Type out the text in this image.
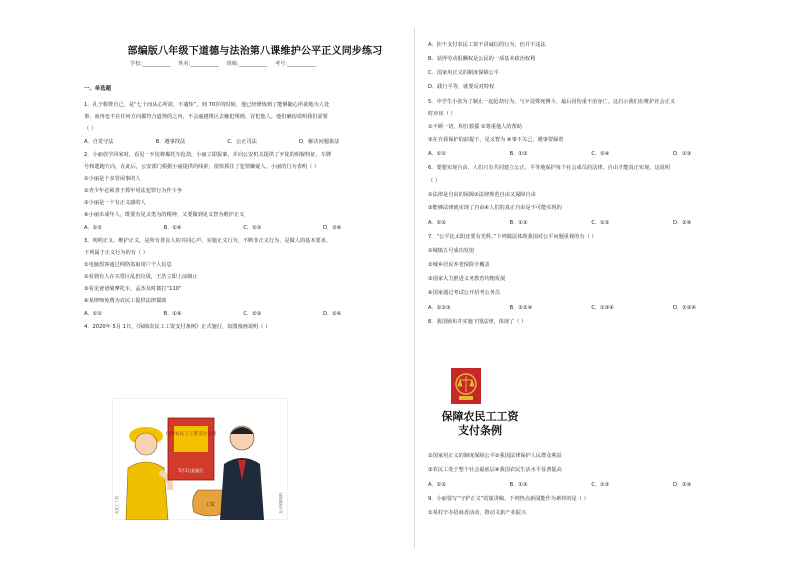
部编版八年级下道德与法治第八课维护公平正义同步练习
学校:___________ 姓名:___________ 班级:___________ 考号:___________
一、单选题
1．孔子称赞自己，是“七十而从心所欲，不逾矩”，到 70岁的时候，他已经修炼到了能够随心所欲地为人处
事，而再也不在任何方向都符合道规的之内，不会逾越规区去触犯规则，冒犯他人。他们确切说明我们需要
（ ）
A．自觉守法	B．遵事找法	C．公正司法	D．解决问题靠法
2．小丽放学回家时，看见一歹徒将爆托车抢劫，小丽立即报案，并向公安机关提供了歹徒的相貌特征、车牌
号和逃跑方向，在此后，公安部门根据小丽提供的线索，很快抓住了犯罪嫌疑人。小丽的行为表明（ ）
①小丽是个多管闲事的人
②青少年必须善于抓牢用法犯罪行为作斗争
③小丽是一个有正义感的人
④小丽未成年人，既要有见义勇为的精神，又要做到见义智为维护正义
A．①②	B．①④	C．②③	D．③④
3．明明正义、维护正义，是所有善良人的共同心声。实施正义行为，不断非正义行为，是做人的基本要求，
下列属于正义行为的有（ ）
①电脑黑客通过网络盗取用户个人信息
②看到有人在买票区乱扔垃圾，王浩立即上前制止
③看见爸爸骑摩托车，孟杰及时拨打“110”
④某律师免费为农民工提供法律援助
A．①②	B．①④	C．②③	D．②④
4．2020年 5月 1日，《保障农民工工资支付条例》正式施行，如图漫画说明（ ）
保障农民工工资支付条例
5月1日起施行
工资
农民工工资	支付保障机构
A．拒不支付农民工资不讲诚信的行为，但并不违法
B．获得劳动报酬权是公民的一项基本政治权利
C．国家用正义的制度保障公平
D．践行平等，就要反对特权
5．中学生小张为了制止一起抢劫行为，与歹徒殊死搏斗，最后因伤重不治身亡。这启示我们在维护社会正义
时应该（ ）
①不顾一切，积打救援 ②尊重他人的帮助
③在自我保护的前提下，见义智为 ④事不关己，遇事要躲着
A．①②	B．①③	C．②④	D．②③
6．要想实现自由，人们只有共同建立公正、平等地保护每个社会成员的法律，自由才能真正实现。这说明
（ ）
①法律是自由的保障②法律规范自由又保障自由
③能够法律就实现了自由④人们的真正自由是不可能实现的
A．①②	B．①③	C．②③	D．②④
7．“公平比太阳还要有光辉。”下列做法体现我国对公平问题重视的有（ ）
①城镇五号成功发射
②城乡居民养老保险全覆盖
③国家大力推进义务教育均衡发展
④国家通过考试公开招考公务员
A．①②③	B．①②④	C．①③④	D．②③④
8．我国颁布并实施下图法律，体现了（ ）
①国家用正义的制度保障公平②我国法律保护人民群众利益
③农民工处于整个社会最底层④我国农民生活水平显著提高
A．①②	B．①③	C．②③	D．②④
9．小丽要写“守护正义”的演讲稿，下列热点新闻能作为素材的是（ ）
①某村辛办招商香活动，推动文旅产业振兴
保障农民工工资
支付条例
